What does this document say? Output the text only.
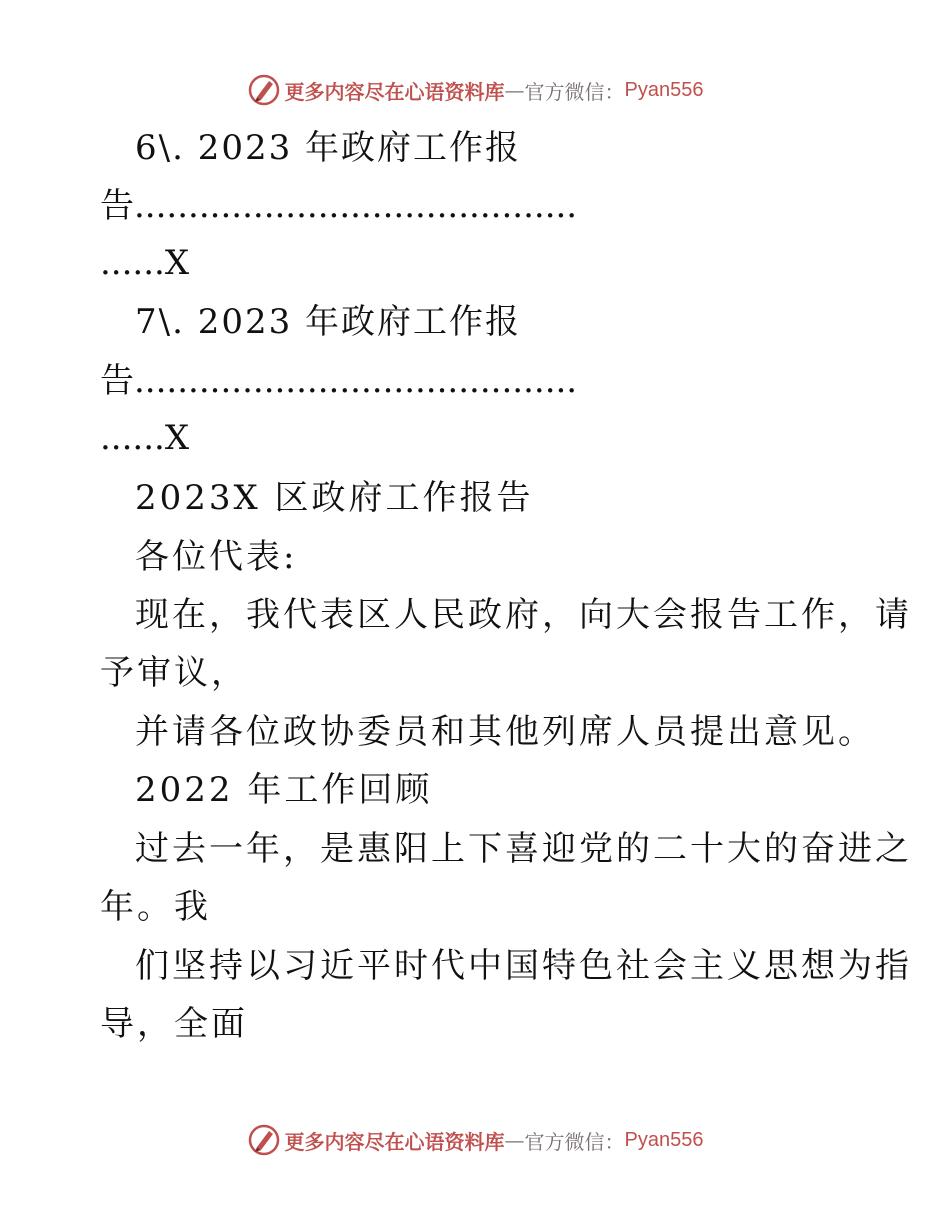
更多内容尽在心语资料库 — 官方微信： Pyan556
6\. 2023 年政府工作报
告.........................................
......X
7\. 2023 年政府工作报
告.........................................
......X
2023X 区政府工作报告
各位代表:
现在，我代表区人民政府，向大会报告工作，请
予审议，
并请各位政协委员和其他列席人员提出意见。
2022 年工作回顾
过去一年，是惠阳上下喜迎党的二十大的奋进之
年。我
们坚持以习近平时代中国特色社会主义思想为指
导，全面
更多内容尽在心语资料库 — 官方微信： Pyan556
